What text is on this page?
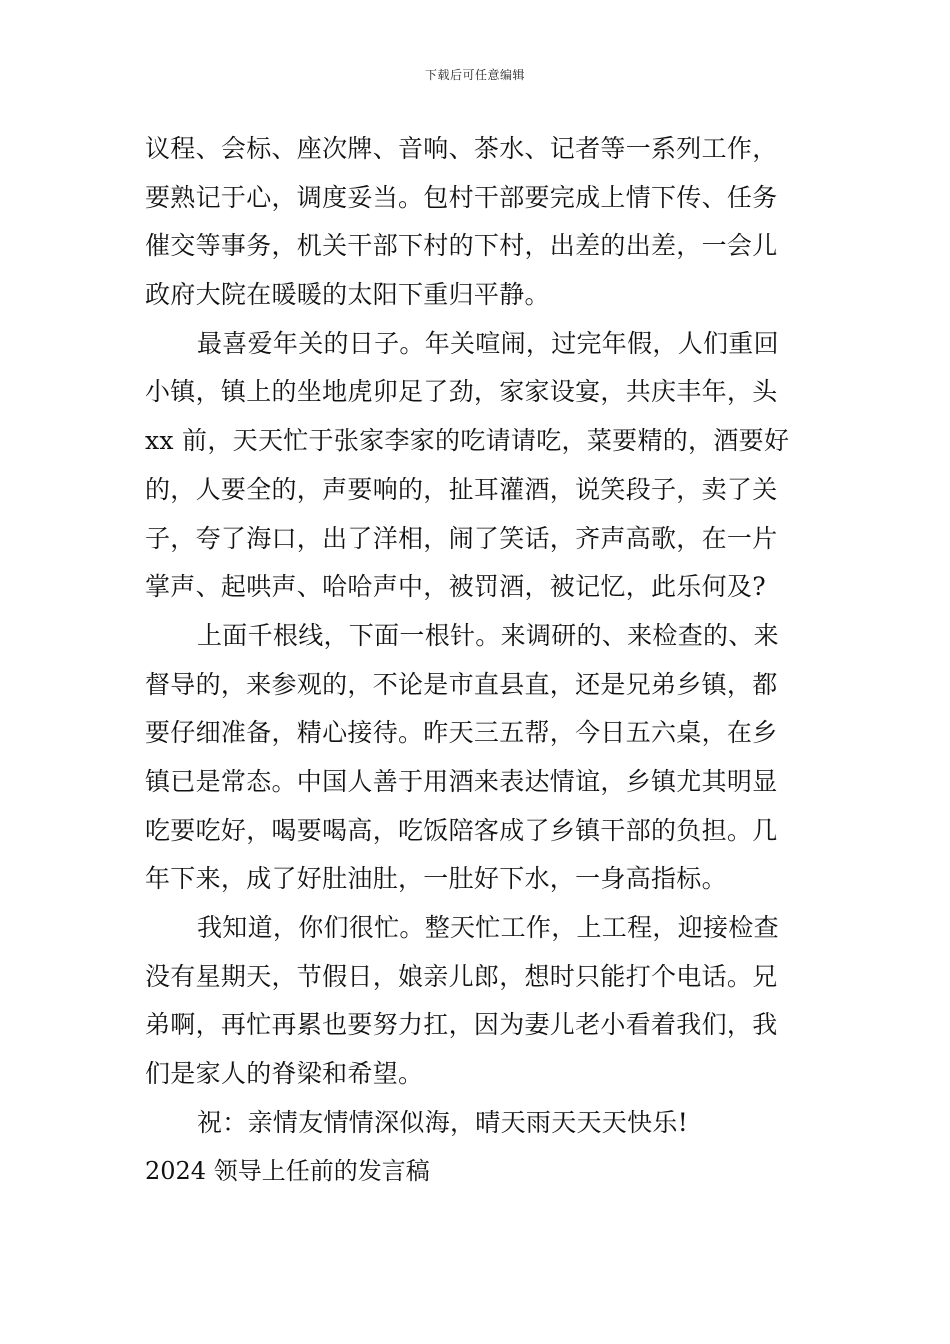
下载后可任意编辑
议程、会标、座次牌、音响、茶水、记者等一系列工作，
要熟记于心，调度妥当。包村干部要完成上情下传、任务
催交等事务，机关干部下村的下村，出差的出差，一会儿
政府大院在暖暖的太阳下重归平静。
最喜爱年关的日子。年关喧闹，过完年假，人们重回
小镇，镇上的坐地虎卯足了劲，家家设宴，共庆丰年，头
xx 前，天天忙于张家李家的吃请请吃，菜要精的，酒要好
的，人要全的，声要响的，扯耳灌酒，说笑段子，卖了关
子，夸了海口，出了洋相，闹了笑话，齐声高歌，在一片
掌声、起哄声、哈哈声中，被罚酒，被记忆，此乐何及?
上面千根线，下面一根针。来调研的、来检查的、来
督导的，来参观的，不论是市直县直，还是兄弟乡镇，都
要仔细准备，精心接待。昨天三五帮，今日五六桌，在乡
镇已是常态。中国人善于用酒来表达情谊，乡镇尤其明显
吃要吃好，喝要喝高，吃饭陪客成了乡镇干部的负担。几
年下来，成了好肚油肚，一肚好下水，一身高指标。
我知道，你们很忙。整天忙工作，上工程，迎接检查
没有星期天，节假日，娘亲儿郎，想时只能打个电话。兄
弟啊，再忙再累也要努力扛，因为妻儿老小看着我们，我
们是家人的脊梁和希望。
祝：亲情友情情深似海，晴天雨天天天快乐!
2024 领导上任前的发言稿
